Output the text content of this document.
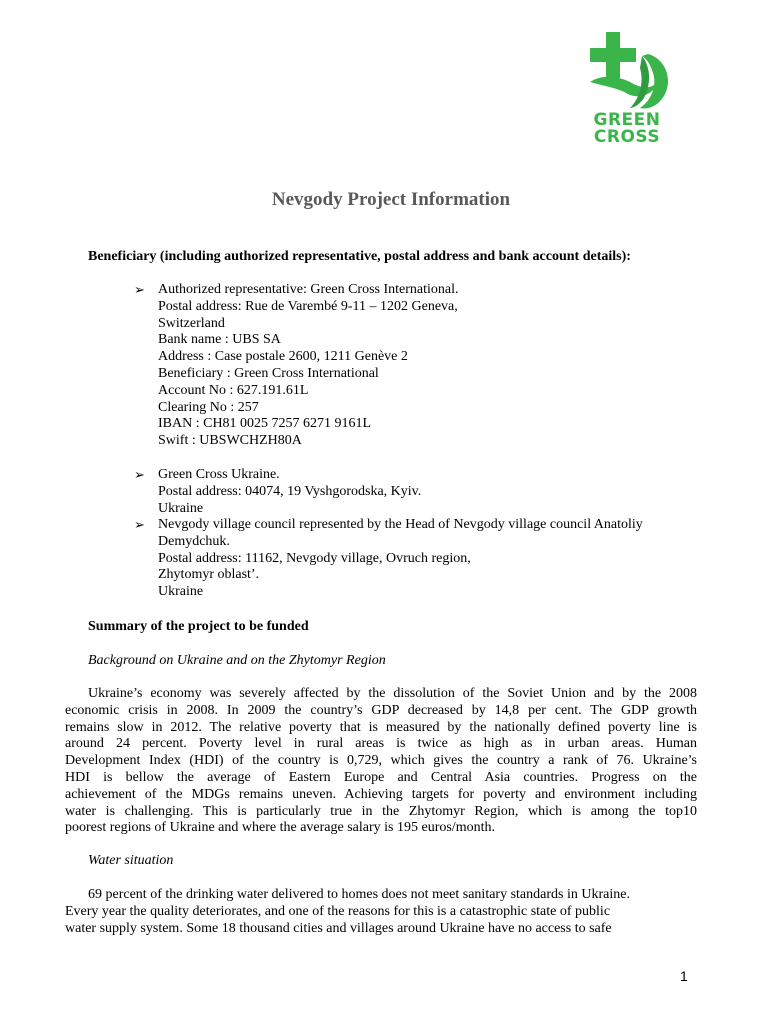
GREEN
CROSS
Nevgody Project Information
Beneficiary (including authorized representative, postal address and bank account details):
➢ Authorized representative: Green Cross International.
Postal address: Rue de Varembé 9-11 – 1202 Geneva,
Switzerland
Bank name : UBS SA
Address : Case postale 2600, 1211 Genève 2
Beneficiary : Green Cross International
Account No : 627.191.61L
Clearing No : 257
IBAN : CH81 0025 7257 6271 9161L
Swift : UBSWCHZH80A
➢ Green Cross Ukraine.
Postal address: 04074, 19 Vyshgorodska, Kyiv.
Ukraine
➢ Nevgody village council represented by the Head of Nevgody village council Anatoliy
Demydchuk.
Postal address: 11162, Nevgody village, Ovruch region,
Zhytomyr oblast’.
Ukraine
Summary of the project to be funded
Background on Ukraine and on the Zhytomyr Region
Ukraine’s economy was severely affected by the dissolution of the Soviet Union and by the 2008
economic crisis in 2008. In 2009 the country’s GDP decreased by 14,8 per cent. The GDP growth
remains slow in 2012. The relative poverty that is measured by the nationally defined poverty line is
around 24 percent. Poverty level in rural areas is twice as high as in urban areas. Human
Development Index (HDI) of the country is 0,729, which gives the country a rank of 76. Ukraine’s
HDI is bellow the average of Eastern Europe and Central Asia countries. Progress on the
achievement of the MDGs remains uneven. Achieving targets for poverty and environment including
water is challenging. This is particularly true in the Zhytomyr Region, which is among the top10
poorest regions of Ukraine and where the average salary is 195 euros/month.
Water situation
69 percent of the drinking water delivered to homes does not meet sanitary standards in Ukraine.
Every year the quality deteriorates, and one of the reasons for this is a catastrophic state of public
water supply system. Some 18 thousand cities and villages around Ukraine have no access to safe
1
